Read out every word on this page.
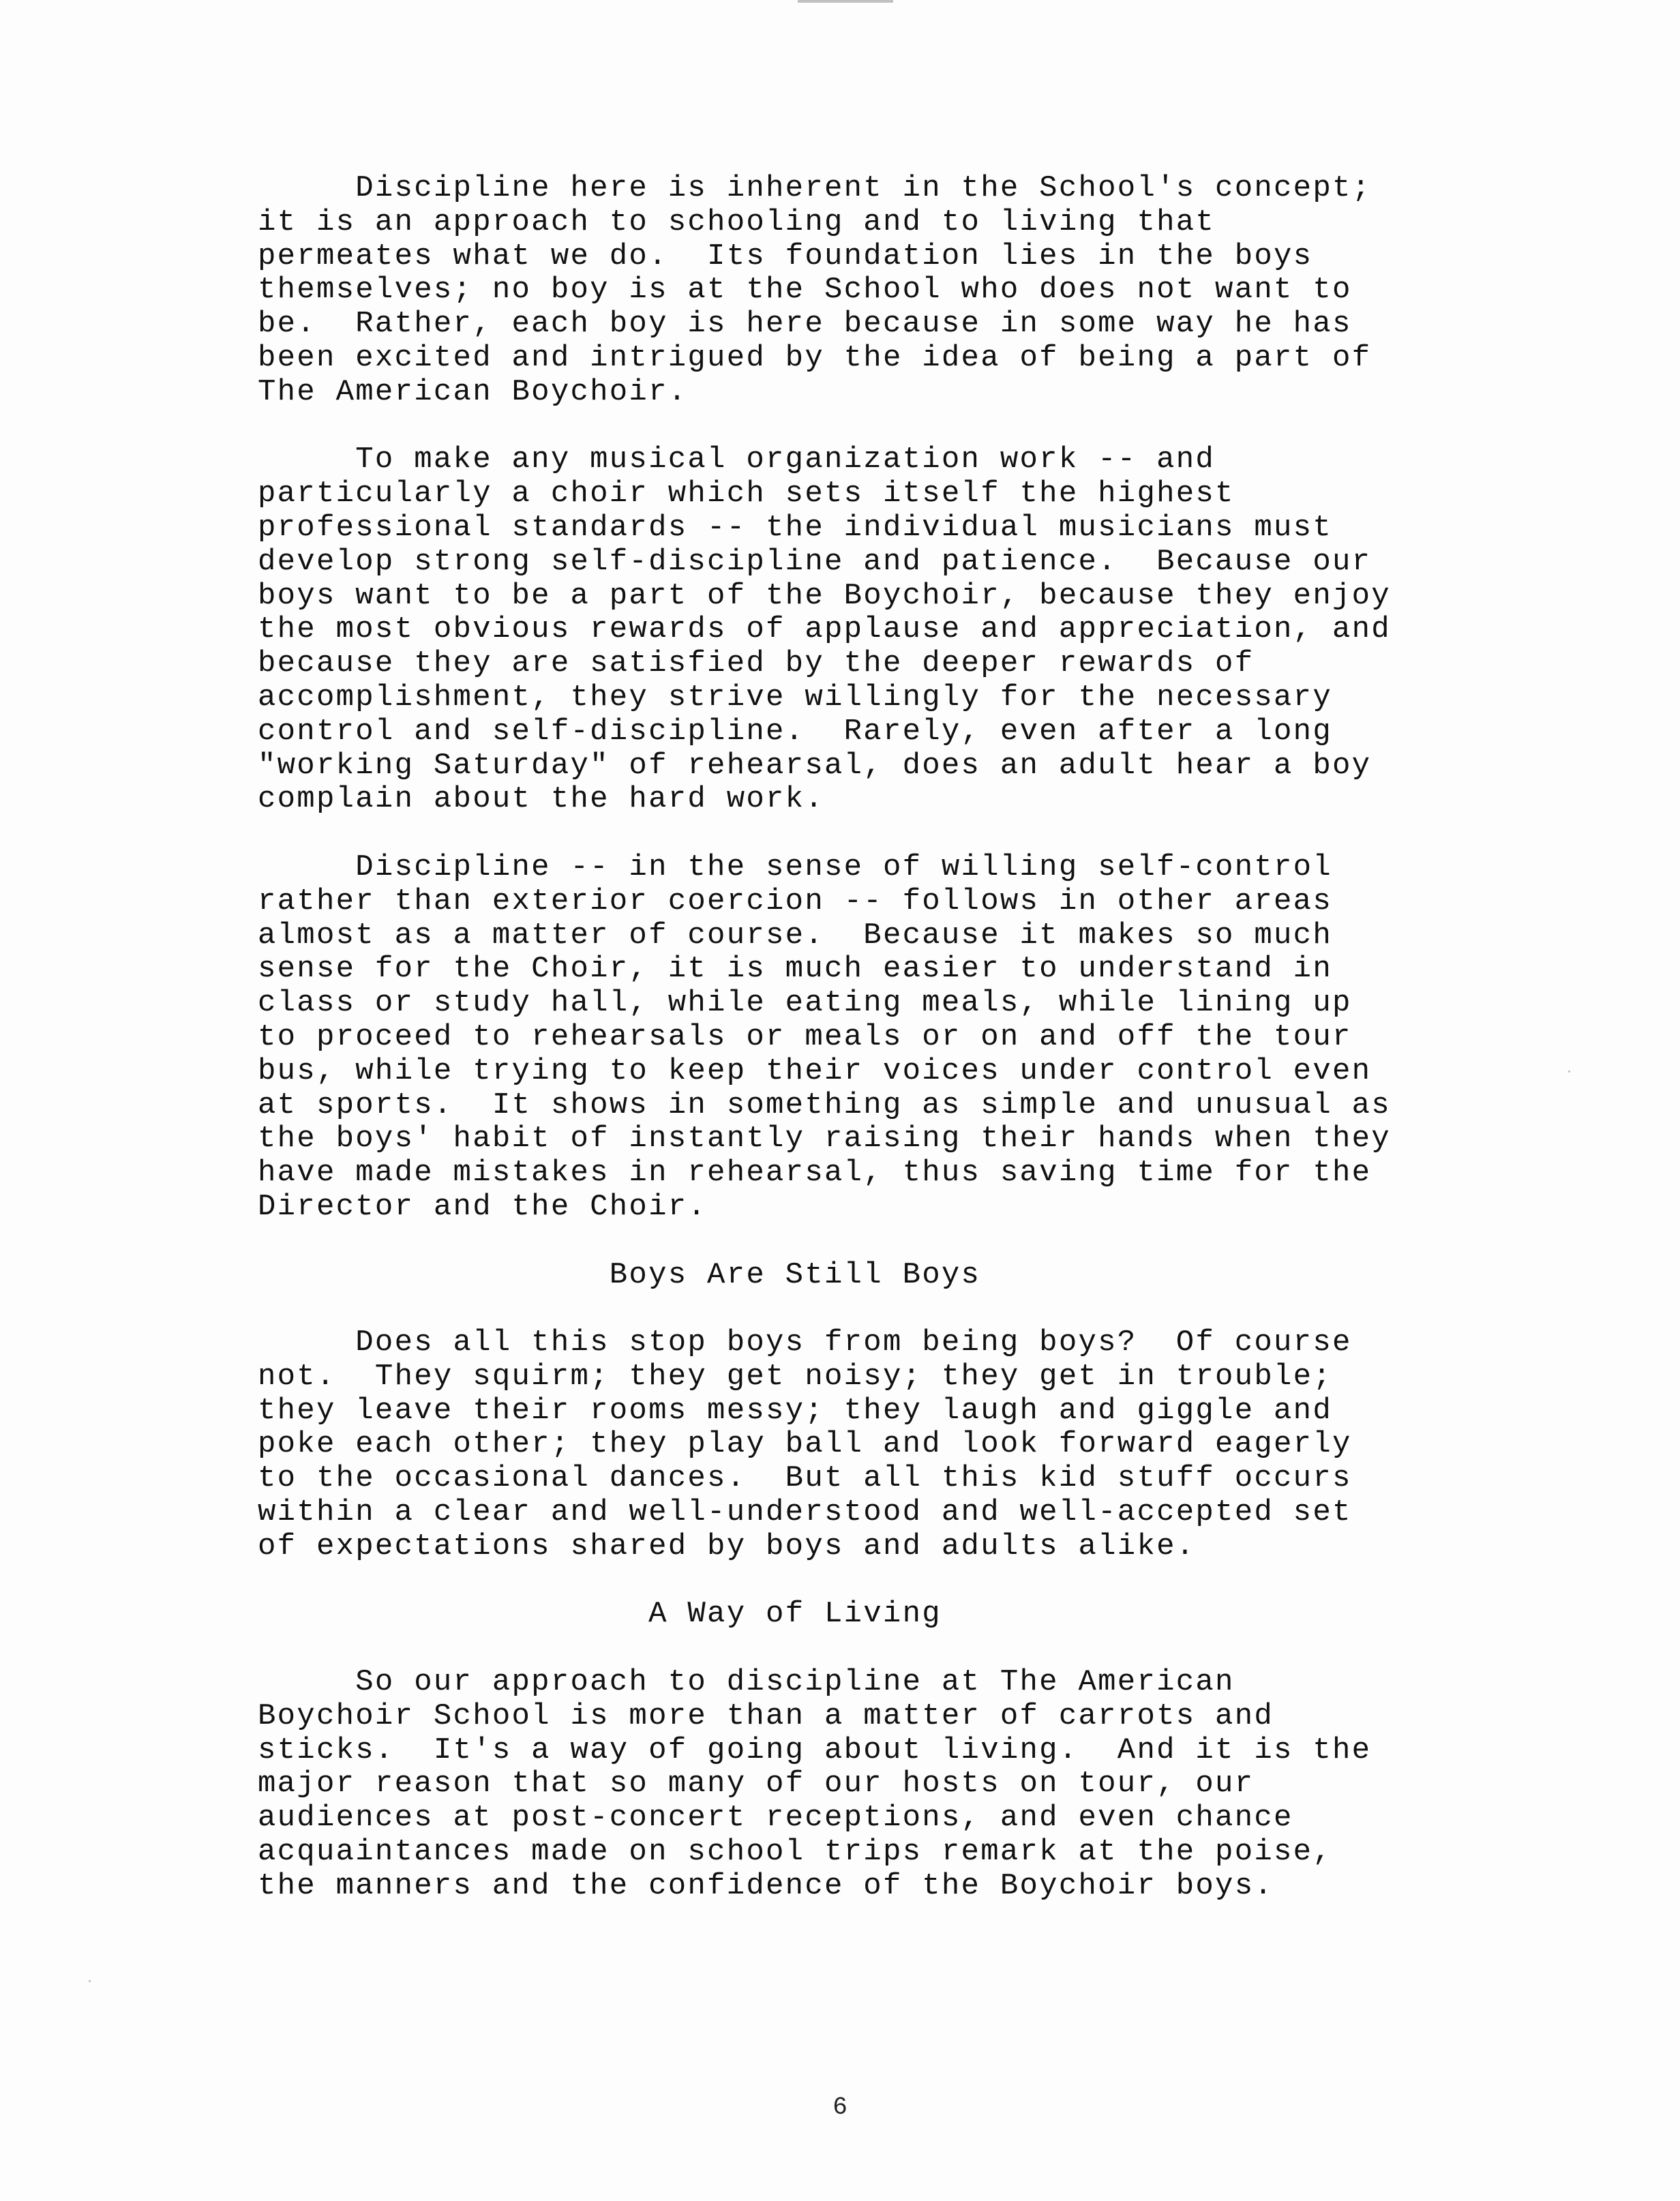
Discipline here is inherent in the School's concept;
it is an approach to schooling and to living that
permeates what we do.  Its foundation lies in the boys
themselves; no boy is at the School who does not want to
be.  Rather, each boy is here because in some way he has
been excited and intrigued by the idea of being a part of
The American Boychoir.

To make any musical organization work -- and
particularly a choir which sets itself the highest
professional standards -- the individual musicians must
develop strong self-discipline and patience.  Because our
boys want to be a part of the Boychoir, because they enjoy
the most obvious rewards of applause and appreciation, and
because they are satisfied by the deeper rewards of
accomplishment, they strive willingly for the necessary
control and self-discipline.  Rarely, even after a long
"working Saturday" of rehearsal, does an adult hear a boy
complain about the hard work.

Discipline -- in the sense of willing self-control
rather than exterior coercion -- follows in other areas
almost as a matter of course.  Because it makes so much
sense for the Choir, it is much easier to understand in
class or study hall, while eating meals, while lining up
to proceed to rehearsals or meals or on and off the tour
bus, while trying to keep their voices under control even
at sports.  It shows in something as simple and unusual as
the boys' habit of instantly raising their hands when they
have made mistakes in rehearsal, thus saving time for the
Director and the Choir.

Boys Are Still Boys

Does all this stop boys from being boys?  Of course
not.  They squirm; they get noisy; they get in trouble;
they leave their rooms messy; they laugh and giggle and
poke each other; they play ball and look forward eagerly
to the occasional dances.  But all this kid stuff occurs
within a clear and well-understood and well-accepted set
of expectations shared by boys and adults alike.

A Way of Living

So our approach to discipline at The American
Boychoir School is more than a matter of carrots and
sticks.  It's a way of going about living.  And it is the
major reason that so many of our hosts on tour, our
audiences at post-concert receptions, and even chance
acquaintances made on school trips remark at the poise,
the manners and the confidence of the Boychoir boys.

6
